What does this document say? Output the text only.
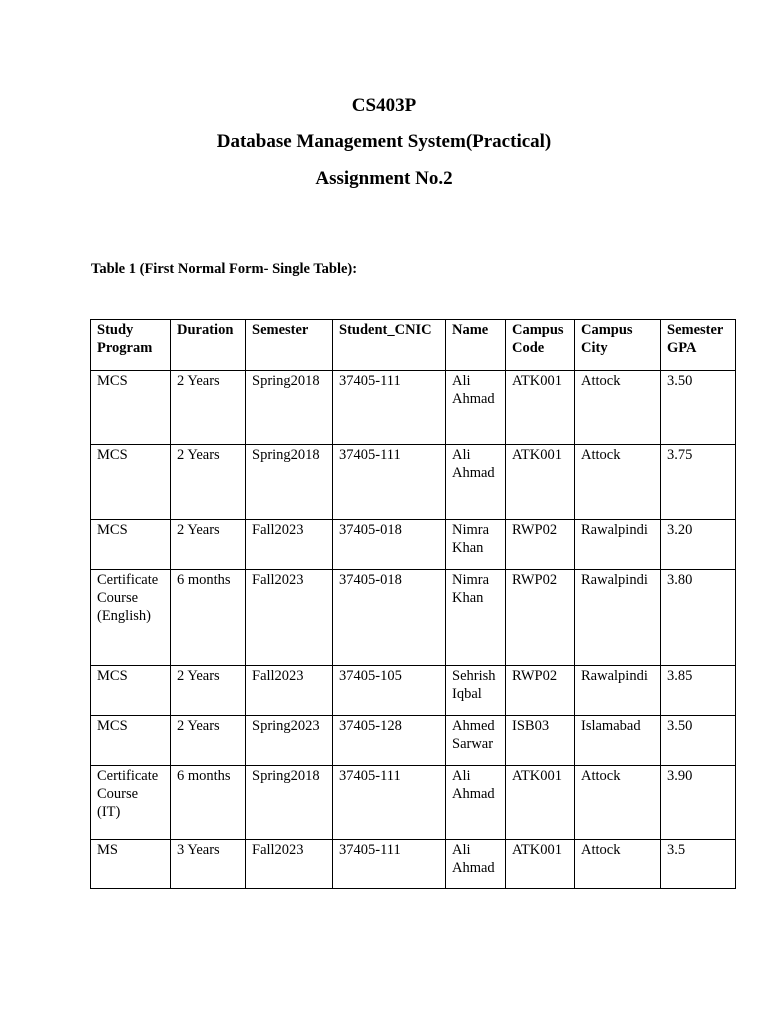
CS403P
Database Management System(Practical)
Assignment No.2
Table 1 (First Normal Form- Single Table):
Study Program	Duration	Semester	Student_CNIC	Name	Campus Code	Campus City	Semester GPA
MCS	2 Years	Spring2018	37405-111	Ali Ahmad	ATK001	Attock	3.50
MCS	2 Years	Spring2018	37405-111	Ali Ahmad	ATK001	Attock	3.75
MCS	2 Years	Fall2023	37405-018	Nimra Khan	RWP02	Rawalpindi	3.20
Certificate Course (English)	6 months	Fall2023	37405-018	Nimra Khan	RWP02	Rawalpindi	3.80
MCS	2 Years	Fall2023	37405-105	Sehrish Iqbal	RWP02	Rawalpindi	3.85
MCS	2 Years	Spring2023	37405-128	Ahmed Sarwar	ISB03	Islamabad	3.50
Certificate Course (IT)	6 months	Spring2018	37405-111	Ali Ahmad	ATK001	Attock	3.90
MS	3 Years	Fall2023	37405-111	Ali Ahmad	ATK001	Attock	3.5
